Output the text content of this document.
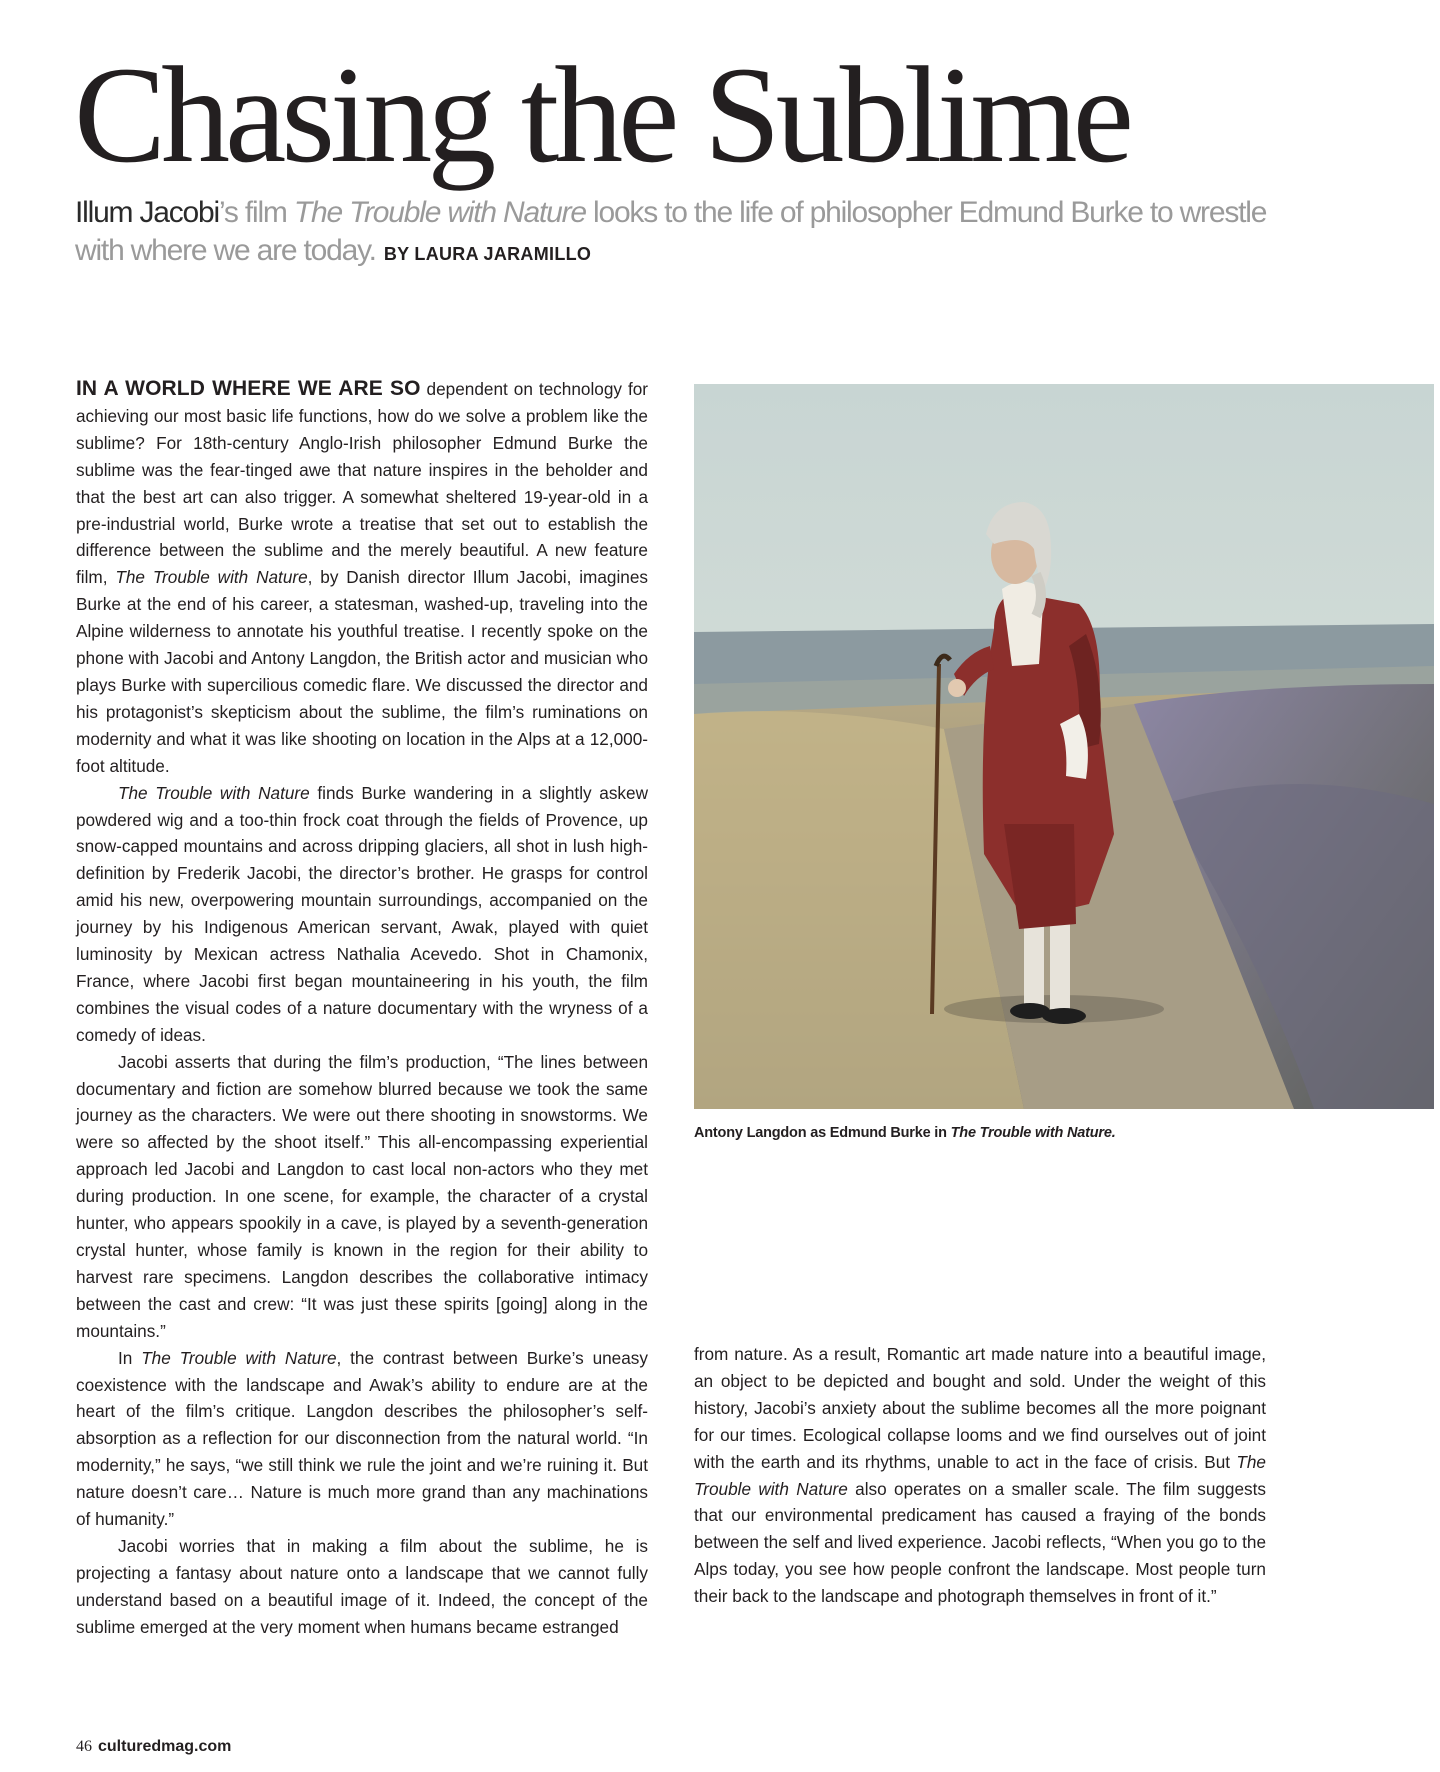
Chasing the Sublime

Illum Jacobi’s film The Trouble with Nature looks to the life of philosopher Edmund Burke to wrestle with where we are today. BY LAURA JARAMILLO

IN A WORLD WHERE WE ARE SO dependent on technology for achieving our most basic life functions, how do we solve a problem like the sublime? For 18th-century Anglo-Irish philosopher Edmund Burke the sublime was the fear-tinged awe that nature inspires in the beholder and that the best art can also trigger. A somewhat sheltered 19-year-old in a pre-industrial world, Burke wrote a treatise that set out to establish the difference between the sublime and the merely beautiful. A new feature film, The Trouble with Nature, by Danish director Illum Jacobi, imagines Burke at the end of his career, a statesman, washed-up, traveling into the Alpine wilderness to annotate his youthful treatise. I recently spoke on the phone with Jacobi and Antony Langdon, the British actor and musician who plays Burke with supercilious comedic flare. We discussed the director and his protagonist’s skepticism about the sublime, the film’s ruminations on modernity and what it was like shooting on location in the Alps at a 12,000-foot altitude.

The Trouble with Nature finds Burke wandering in a slightly askew powdered wig and a too-thin frock coat through the fields of Provence, up snow-capped mountains and across dripping glaciers, all shot in lush high-definition by Frederik Jacobi, the director’s brother. He grasps for control amid his new, overpowering mountain surroundings, accompanied on the journey by his Indigenous American servant, Awak, played with quiet luminosity by Mexican actress Nathalia Acevedo. Shot in Chamonix, France, where Jacobi first began mountaineering in his youth, the film combines the visual codes of a nature documentary with the wryness of a comedy of ideas.

Jacobi asserts that during the film’s production, “The lines between documentary and fiction are somehow blurred because we took the same journey as the characters. We were out there shooting in snowstorms. We were so affected by the shoot itself.” This all-encompassing experiential approach led Jacobi and Langdon to cast local non-actors who they met during production. In one scene, for example, the character of a crystal hunter, who appears spookily in a cave, is played by a seventh-generation crystal hunter, whose family is known in the region for their ability to harvest rare specimens. Langdon describes the collaborative intimacy between the cast and crew: “It was just these spirits [going] along in the mountains.”

In The Trouble with Nature, the contrast between Burke’s uneasy coexistence with the landscape and Awak’s ability to endure are at the heart of the film’s critique. Langdon describes the philosopher’s self-absorption as a reflection for our disconnection from the natural world. “In modernity,” he says, “we still think we rule the joint and we’re ruining it. But nature doesn’t care… Nature is much more grand than any machinations of humanity.”

Jacobi worries that in making a film about the sublime, he is projecting a fantasy about nature onto a landscape that we cannot fully understand based on a beautiful image of it. Indeed, the concept of the sublime emerged at the very moment when humans became estranged

Antony Langdon as Edmund Burke in The Trouble with Nature.

from nature. As a result, Romantic art made nature into a beautiful image, an object to be depicted and bought and sold. Under the weight of this history, Jacobi’s anxiety about the sublime becomes all the more poignant for our times. Ecological collapse looms and we find ourselves out of joint with the earth and its rhythms, unable to act in the face of crisis. But The Trouble with Nature also operates on a smaller scale. The film suggests that our environmental predicament has caused a fraying of the bonds between the self and lived experience. Jacobi reflects, “When you go to the Alps today, you see how people confront the landscape. Most people turn their back to the landscape and photograph themselves in front of it.”

46 culturedmag.com
